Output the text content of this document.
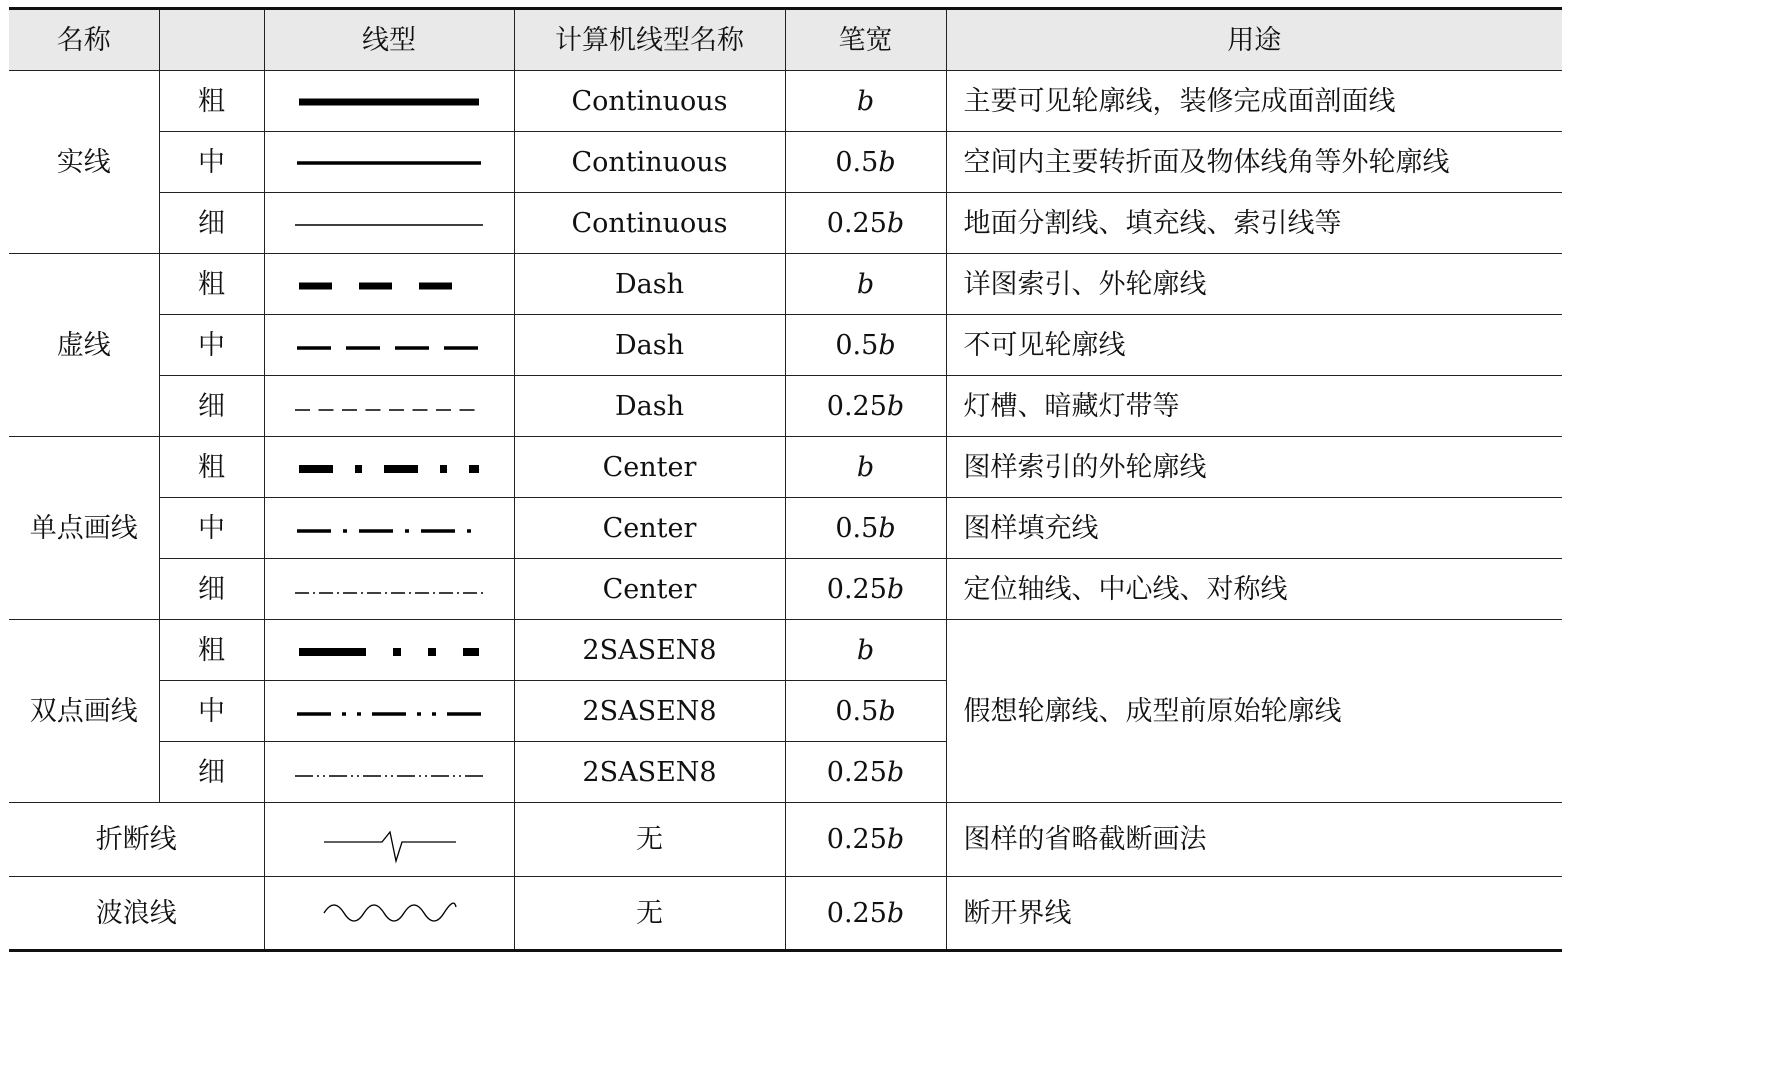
名称		线型	计算机线型名称	笔宽	用途
实线	粗		Continuous	b	主要可见轮廓线，装修完成面剖面线
	中		Continuous	0.5b	空间内主要转折面及物体线角等外轮廓线
	细		Continuous	0.25b	地面分割线、填充线、索引线等
虚线	粗		Dash	b	详图索引、外轮廓线
	中		Dash	0.5b	不可见轮廓线
	细		Dash	0.25b	灯槽、暗藏灯带等
单点画线	粗		Center	b	图样索引的外轮廓线
	中		Center	0.5b	图样填充线
	细		Center	0.25b	定位轴线、中心线、对称线
双点画线	粗		2SASEN8	b	假想轮廓线、成型前原始轮廓线
	中		2SASEN8	0.5b	
	细		2SASEN8	0.25b	
折断线			无	0.25b	图样的省略截断画法
波浪线			无	0.25b	断开界线
